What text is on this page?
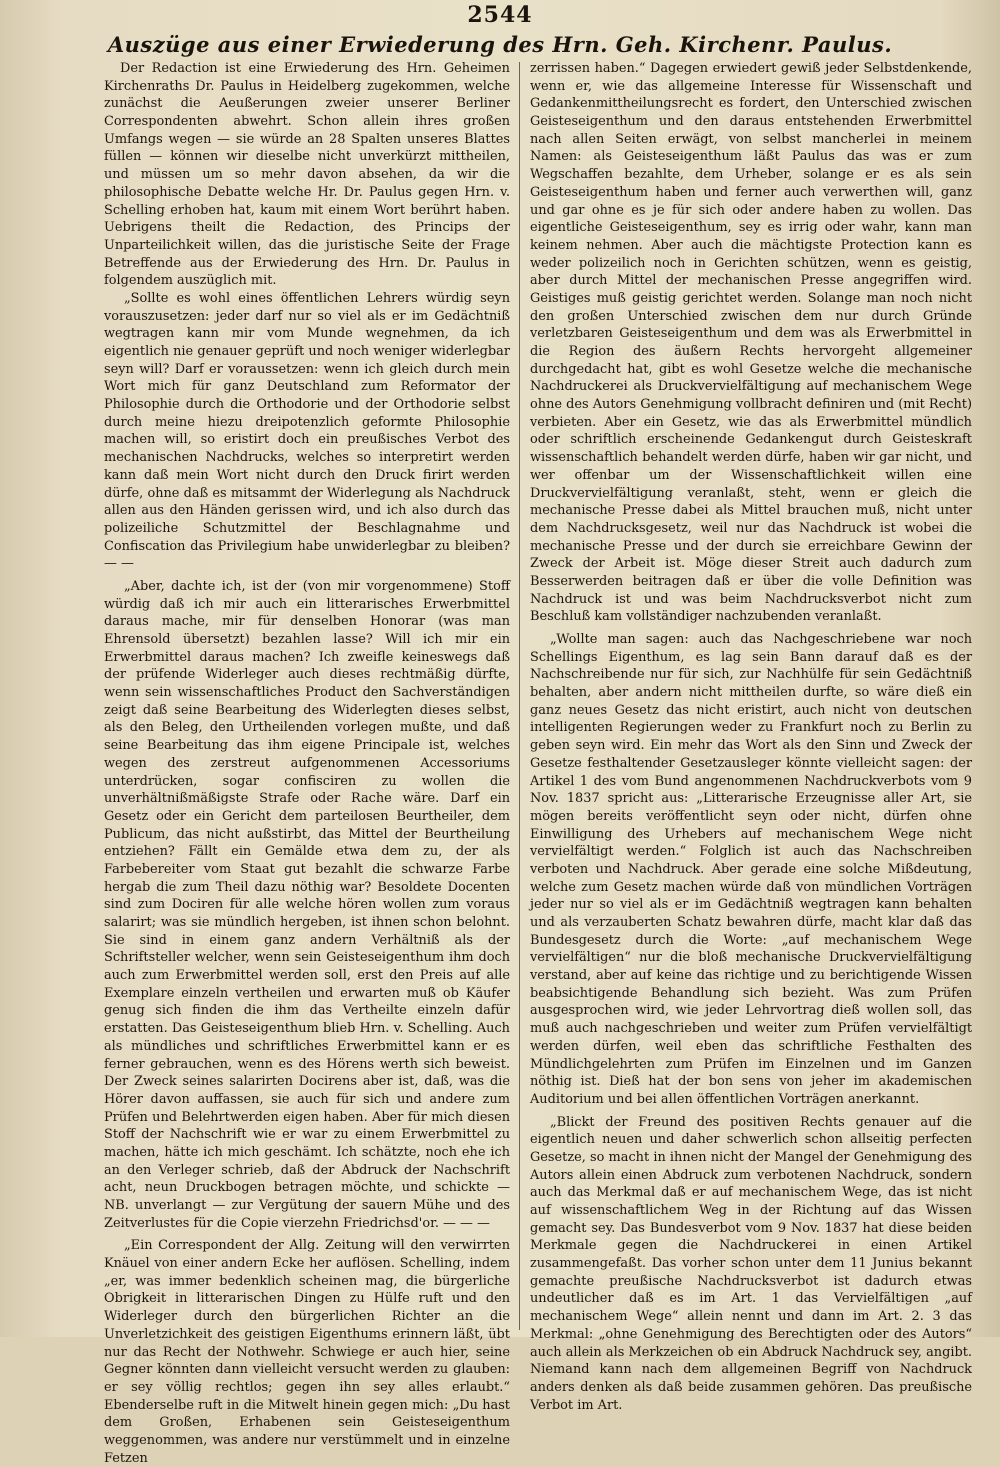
2544
Auszüge aus einer Erwiederung des Hrn. Geh. Kirchenr. Paulus.

Der Redaction ist eine Erwiederung des Hrn. Geheimen Kirchenraths Dr. Paulus in Heidelberg zugekommen, welche zunächst die Aeußerungen zweier unserer Berliner Correspondenten abwehrt. Schon allein ihres großen Umfangs wegen — sie würde an 28 Spalten unseres Blattes füllen — können wir dieselbe nicht unverkürzt mittheilen, und müssen um so mehr davon absehen, da wir die philosophische Debatte welche Hr. Dr. Paulus gegen Hrn. v. Schelling erhoben hat, kaum mit einem Wort berührt haben. Uebrigens theilt die Redaction, des Princips der Unparteilichkeit willen, das die juristische Seite der Frage Betreffende aus der Erwiederung des Hrn. Dr. Paulus in folgendem auszüglich mit.

„Sollte es wohl eines öffentlichen Lehrers würdig seyn vorauszusetzen: jeder darf nur so viel als er im Gedächtniß wegtragen kann mir vom Munde wegnehmen, da ich eigentlich nie genauer geprüft und noch weniger widerlegbar seyn will? Darf er voraussetzen: wenn ich gleich durch mein Wort mich für ganz Deutschland zum Reformator der Philosophie durch die Orthodorie und der Orthodorie selbst durch meine hiezu dreipotenzlich geformte Philosophie machen will, so eristirt doch ein preußisches Verbot des mechanischen Nachdrucks, welches so interpretirt werden kann daß mein Wort nicht durch den Druck firirt werden dürfe, ohne daß es mitsammt der Widerlegung als Nachdruck allen aus den Händen gerissen wird, und ich also durch das polizeiliche Schutzmittel der Beschlagnahme und Confiscation das Privilegium habe unwiderlegbar zu bleiben? — —

„Aber, dachte ich, ist der (von mir vorgenommene) Stoff würdig daß ich mir auch ein litterarisches Erwerbmittel daraus mache, mir für denselben Honorar (was man Ehrensold übersetzt) bezahlen lasse? Will ich mir ein Erwerbmittel daraus machen? Ich zweifle keineswegs daß der prüfende Widerleger auch dieses rechtmäßig dürfte, wenn sein wissenschaftliches Product den Sachverständigen zeigt daß seine Bearbeitung des Widerlegten dieses selbst, als den Beleg, den Urtheilenden vorlegen mußte, und daß seine Bearbeitung das ihm eigene Principale ist, welches wegen des zerstreut aufgenommenen Accessoriums unterdrücken, sogar confisciren zu wollen die unverhältnißmäßigste Strafe oder Rache wäre. Darf ein Gesetz oder ein Gericht dem parteilosen Beurtheiler, dem Publicum, das nicht außstirbt, das Mittel der Beurtheilung entziehen? Fällt ein Gemälde etwa dem zu, der als Farbebereiter vom Staat gut bezahlt die schwarze Farbe hergab die zum Theil dazu nöthig war? Besoldete Docenten sind zum Dociren für alle welche hören wollen zum voraus salarirt; was sie mündlich hergeben, ist ihnen schon belohnt. Sie sind in einem ganz andern Verhältniß als der Schriftsteller welcher, wenn sein Geisteseigenthum ihm doch auch zum Erwerbmittel werden soll, erst den Preis auf alle Exemplare einzeln vertheilen und erwarten muß ob Käufer genug sich finden die ihm das Vertheilte einzeln dafür erstatten. Das Geisteseigenthum blieb Hrn. v. Schelling. Auch als mündliches und schriftliches Erwerbmittel kann er es ferner gebrauchen, wenn es des Hörens werth sich beweist. Der Zweck seines salarirten Docirens aber ist, daß, was die Hörer davon auffassen, sie auch für sich und andere zum Prüfen und Belehrtwerden eigen haben. Aber für mich diesen Stoff der Nachschrift wie er war zu einem Erwerbmittel zu machen, hätte ich mich geschämt. Ich schätzte, noch ehe ich an den Verleger schrieb, daß der Abdruck der Nachschrift acht, neun Druckbogen betragen möchte, und schickte — NB. unverlangt — zur Vergütung der sauern Mühe und des Zeitverlustes für die Copie vierzehn Friedrichsd'or. — — —

„Ein Correspondent der Allg. Zeitung will den verwirrten Knäuel von einer andern Ecke her auflösen. Schelling, indem „er, was immer bedenklich scheinen mag, die bürgerliche Obrigkeit in litterarischen Dingen zu Hülfe ruft und den Widerleger durch den bürgerlichen Richter an die Unverletzichkeit des geistigen Eigenthums erinnern läßt, übt nur das Recht der Nothwehr. Schwiege er auch hier, seine Gegner könnten dann vielleicht versucht werden zu glauben: er sey völlig rechtlos; gegen ihn sey alles erlaubt.“ Ebenderselbe ruft in die Mitwelt hinein gegen mich: „Du hast dem Großen, Erhabenen sein Geisteseigenthum weggenommen, was andere nur verstümmelt und in einzelne Fetzen

zerrissen haben.“ Dagegen erwiedert gewiß jeder Selbstdenkende, wenn er, wie das allgemeine Interesse für Wissenschaft und Gedankenmittheilungsrecht es fordert, den Unterschied zwischen Geisteseigenthum und den daraus entstehenden Erwerbmittel nach allen Seiten erwägt, von selbst mancherlei in meinem Namen: als Geisteseigenthum läßt Paulus das was er zum Wegschaffen bezahlte, dem Urheber, solange er es als sein Geisteseigenthum haben und ferner auch verwerthen will, ganz und gar ohne es je für sich oder andere haben zu wollen. Das eigentliche Geisteseigenthum, sey es irrig oder wahr, kann man keinem nehmen. Aber auch die mächtigste Protection kann es weder polizeilich noch in Gerichten schützen, wenn es geistig, aber durch Mittel der mechanischen Presse angegriffen wird. Geistiges muß geistig gerichtet werden. Solange man noch nicht den großen Unterschied zwischen dem nur durch Gründe verletzbaren Geisteseigenthum und dem was als Erwerbmittel in die Region des äußern Rechts hervorgeht allgemeiner durchgedacht hat, gibt es wohl Gesetze welche die mechanische Nachdruckerei als Druckvervielfältigung auf mechanischem Wege ohne des Autors Genehmigung vollbracht definiren und (mit Recht) verbieten. Aber ein Gesetz, wie das als Erwerbmittel mündlich oder schriftlich erscheinende Gedankengut durch Geisteskraft wissenschaftlich behandelt werden dürfe, haben wir gar nicht, und wer offenbar um der Wissenschaftlichkeit willen eine Druckvervielfältigung veranlaßt, steht, wenn er gleich die mechanische Presse dabei als Mittel brauchen muß, nicht unter dem Nachdrucksgesetz, weil nur das Nachdruck ist wobei die mechanische Presse und der durch sie erreichbare Gewinn der Zweck der Arbeit ist. Möge dieser Streit auch dadurch zum Besserwerden beitragen daß er über die volle Definition was Nachdruck ist und was beim Nachdrucksverbot nicht zum Beschluß kam vollständiger nachzubenden veranlaßt.

„Wollte man sagen: auch das Nachgeschriebene war noch Schellings Eigenthum, es lag sein Bann darauf daß es der Nachschreibende nur für sich, zur Nachhülfe für sein Gedächtniß behalten, aber andern nicht mittheilen durfte, so wäre dieß ein ganz neues Gesetz das nicht eristirt, auch nicht von deutschen intelligenten Regierungen weder zu Frankfurt noch zu Berlin zu geben seyn wird. Ein mehr das Wort als den Sinn und Zweck der Gesetze festhaltender Gesetzausleger könnte vielleicht sagen: der Artikel 1 des vom Bund angenommenen Nachdruckverbots vom 9 Nov. 1837 spricht aus: „Litterarische Erzeugnisse aller Art, sie mögen bereits veröffentlicht seyn oder nicht, dürfen ohne Einwilligung des Urhebers auf mechanischem Wege nicht vervielfältigt werden.“ Folglich ist auch das Nachschreiben verboten und Nachdruck. Aber gerade eine solche Mißdeutung, welche zum Gesetz machen würde daß von mündlichen Vorträgen jeder nur so viel als er im Gedächtniß wegtragen kann behalten und als verzauberten Schatz bewahren dürfe, macht klar daß das Bundesgesetz durch die Worte: „auf mechanischem Wege vervielfältigen“ nur die bloß mechanische Druckvervielfältigung verstand, aber auf keine das richtige und zu berichtigende Wissen beabsichtigende Behandlung sich bezieht. Was zum Prüfen ausgesprochen wird, wie jeder Lehrvortrag dieß wollen soll, das muß auch nachgeschrieben und weiter zum Prüfen vervielfältigt werden dürfen, weil eben das schriftliche Festhalten des Mündlichgelehrten zum Prüfen im Einzelnen und im Ganzen nöthig ist. Dieß hat der bon sens von jeher im akademischen Auditorium und bei allen öffentlichen Vorträgen anerkannt.

„Blickt der Freund des positiven Rechts genauer auf die eigentlich neuen und daher schwerlich schon allseitig perfecten Gesetze, so macht in ihnen nicht der Mangel der Genehmigung des Autors allein einen Abdruck zum verbotenen Nachdruck, sondern auch das Merkmal daß er auf mechanischem Wege, das ist nicht auf wissenschaftlichem Weg in der Richtung auf das Wissen gemacht sey. Das Bundesverbot vom 9 Nov. 1837 hat diese beiden Merkmale gegen die Nachdruckerei in einen Artikel zusammengefaßt. Das vorher schon unter dem 11 Junius bekannt gemachte preußische Nachdrucksverbot ist dadurch etwas undeutlicher daß es im Art. 1 das Vervielfältigen „auf mechanischem Wege“ allein nennt und dann im Art. 2. 3 das Merkmal: „ohne Genehmigung des Berechtigten oder des Autors“ auch allein als Merkzeichen ob ein Abdruck Nachdruck sey, angibt. Niemand kann nach dem allgemeinen Begriff von Nachdruck anders denken als daß beide zusammen gehören. Das preußische Verbot im Art.
